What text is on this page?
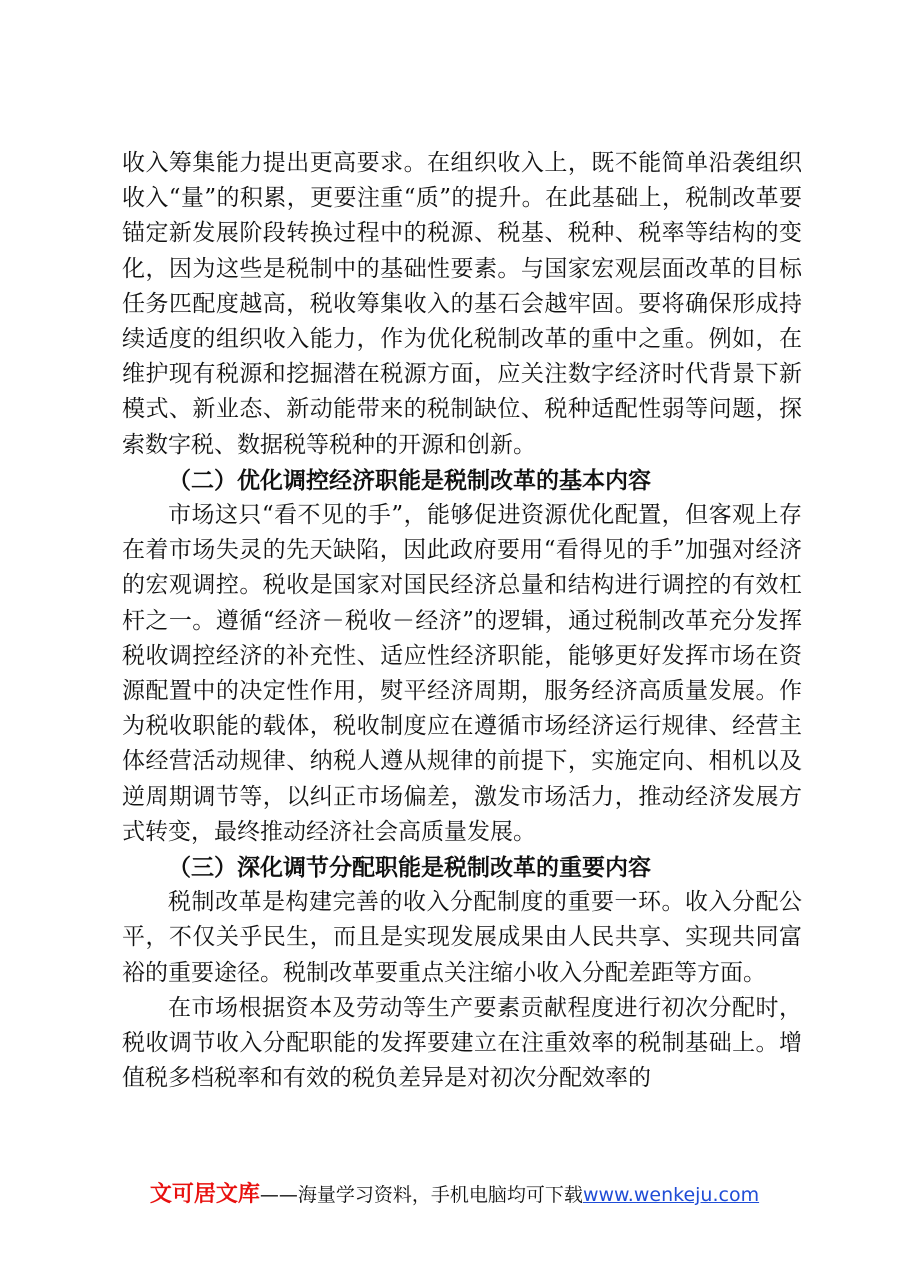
收入筹集能力提出更高要求。在组织收入上，既不能简单沿袭组织收入“量”的积累，更要注重“质”的提升。在此基础上，税制改革要锚定新发展阶段转换过程中的税源、税基、税种、税率等结构的变化，因为这些是税制中的基础性要素。与国家宏观层面改革的目标任务匹配度越高，税收筹集收入的基石会越牢固。要将确保形成持续适度的组织收入能力，作为优化税制改革的重中之重。例如，在维护现有税源和挖掘潜在税源方面，应关注数字经济时代背景下新模式、新业态、新动能带来的税制缺位、税种适配性弱等问题，探索数字税、数据税等税种的开源和创新。

（二）优化调控经济职能是税制改革的基本内容

市场这只“看不见的手”，能够促进资源优化配置，但客观上存在着市场失灵的先天缺陷，因此政府要用“看得见的手”加强对经济的宏观调控。税收是国家对国民经济总量和结构进行调控的有效杠杆之一。遵循“经济－税收－经济”的逻辑，通过税制改革充分发挥税收调控经济的补充性、适应性经济职能，能够更好发挥市场在资源配置中的决定性作用，熨平经济周期，服务经济高质量发展。作为税收职能的载体，税收制度应在遵循市场经济运行规律、经营主体经营活动规律、纳税人遵从规律的前提下，实施定向、相机以及逆周期调节等，以纠正市场偏差，激发市场活力，推动经济发展方式转变，最终推动经济社会高质量发展。

（三）深化调节分配职能是税制改革的重要内容

税制改革是构建完善的收入分配制度的重要一环。收入分配公平，不仅关乎民生，而且是实现发展成果由人民共享、实现共同富裕的重要途径。税制改革要重点关注缩小收入分配差距等方面。

在市场根据资本及劳动等生产要素贡献程度进行初次分配时，税收调节收入分配职能的发挥要建立在注重效率的税制基础上。增值税多档税率和有效的税负差异是对初次分配效率的

文可居文库——海量学习资料，手机电脑均可下载www.wenkeju.com
